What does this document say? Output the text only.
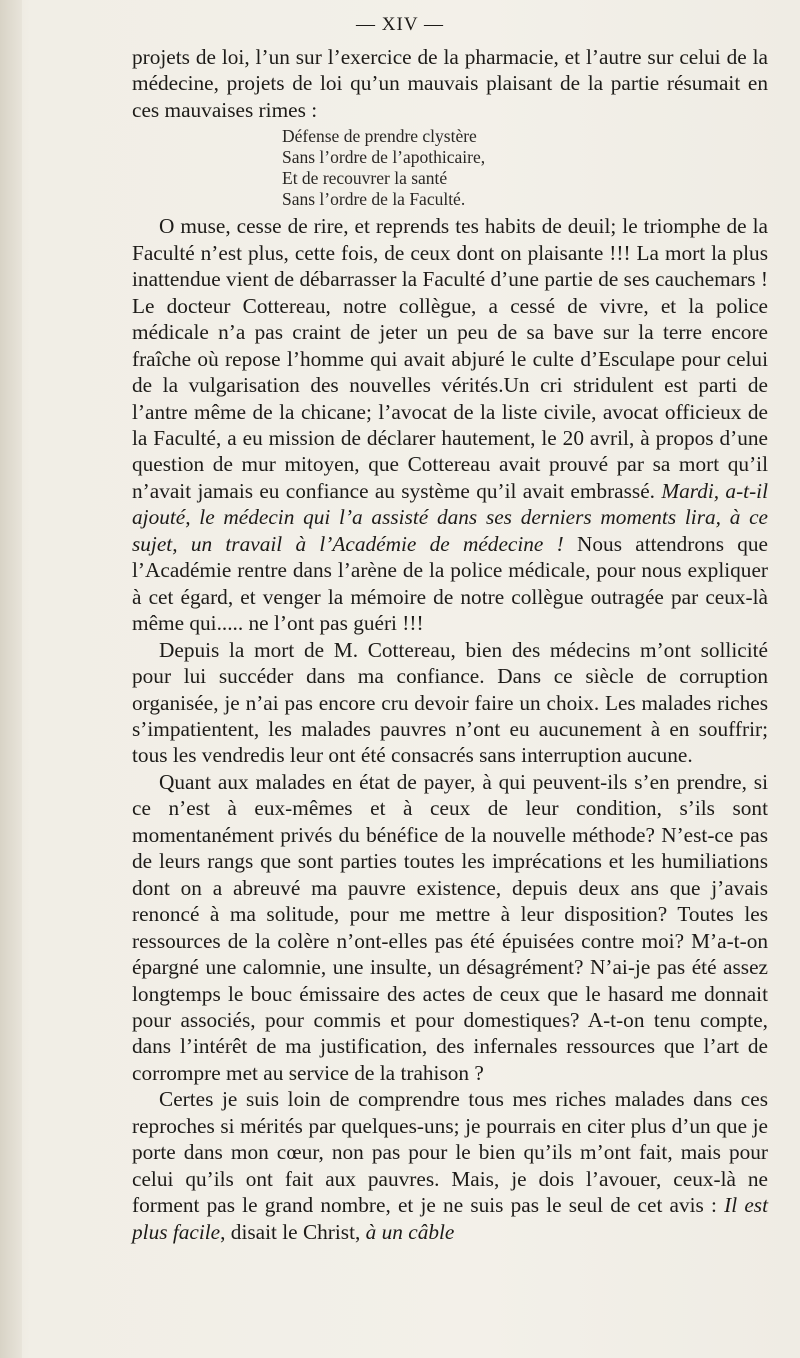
— XIV —

projets de loi, l’un sur l’exercice de la pharmacie, et l’autre sur celui de la médecine, projets de loi qu’un mauvais plaisant de la partie résumait en ces mauvaises rimes :

Défense de prendre clystère
Sans l’ordre de l’apothicaire,
Et de recouvrer la santé
Sans l’ordre de la Faculté.

O muse, cesse de rire, et reprends tes habits de deuil; le triomphe de la Faculté n’est plus, cette fois, de ceux dont on plaisante !!! La mort la plus inattendue vient de débarrasser la Faculté d’une partie de ses cauchemars ! Le docteur Cottereau, notre collègue, a cessé de vivre, et la police médicale n’a pas craint de jeter un peu de sa bave sur la terre encore fraîche où repose l’homme qui avait abjuré le culte d’Esculape pour celui de la vulgarisation des nouvelles vérités.Un cri stridulent est parti de l’antre même de la chicane; l’avocat de la liste civile, avocat officieux de la Faculté, a eu mission de déclarer hautement, le 20 avril, à propos d’une question de mur mitoyen, que Cottereau avait prouvé par sa mort qu’il n’avait jamais eu confiance au système qu’il avait embrassé. Mardi, a-t-il ajouté, le médecin qui l’a assisté dans ses derniers moments lira, à ce sujet, un travail à l’Académie de médecine ! Nous attendrons que l’Académie rentre dans l’arène de la police médicale, pour nous expliquer à cet égard, et venger la mémoire de notre collègue outragée par ceux-là même qui..... ne l’ont pas guéri !!!

Depuis la mort de M. Cottereau, bien des médecins m’ont sollicité pour lui succéder dans ma confiance. Dans ce siècle de corruption organisée, je n’ai pas encore cru devoir faire un choix. Les malades riches s’impatientent, les malades pauvres n’ont eu aucunement à en souffrir; tous les vendredis leur ont été consacrés sans interruption aucune.

Quant aux malades en état de payer, à qui peuvent-ils s’en prendre, si ce n’est à eux-mêmes et à ceux de leur condition, s’ils sont momentanément privés du bénéfice de la nouvelle méthode? N’est-ce pas de leurs rangs que sont parties toutes les imprécations et les humiliations dont on a abreuvé ma pauvre existence, depuis deux ans que j’avais renoncé à ma solitude, pour me mettre à leur disposition? Toutes les ressources de la colère n’ont-elles pas été épuisées contre moi? M’a-t-on épargné une calomnie, une insulte, un désagrément? N’ai-je pas été assez longtemps le bouc émissaire des actes de ceux que le hasard me donnait pour associés, pour commis et pour domestiques? A-t-on tenu compte, dans l’intérêt de ma justification, des infernales ressources que l’art de corrompre met au service de la trahison ?

Certes je suis loin de comprendre tous mes riches malades dans ces reproches si mérités par quelques-uns; je pourrais en citer plus d’un que je porte dans mon cœur, non pas pour le bien qu’ils m’ont fait, mais pour celui qu’ils ont fait aux pauvres. Mais, je dois l’avouer, ceux-là ne forment pas le grand nombre, et je ne suis pas le seul de cet avis : Il est plus facile, disait le Christ, à un câble
